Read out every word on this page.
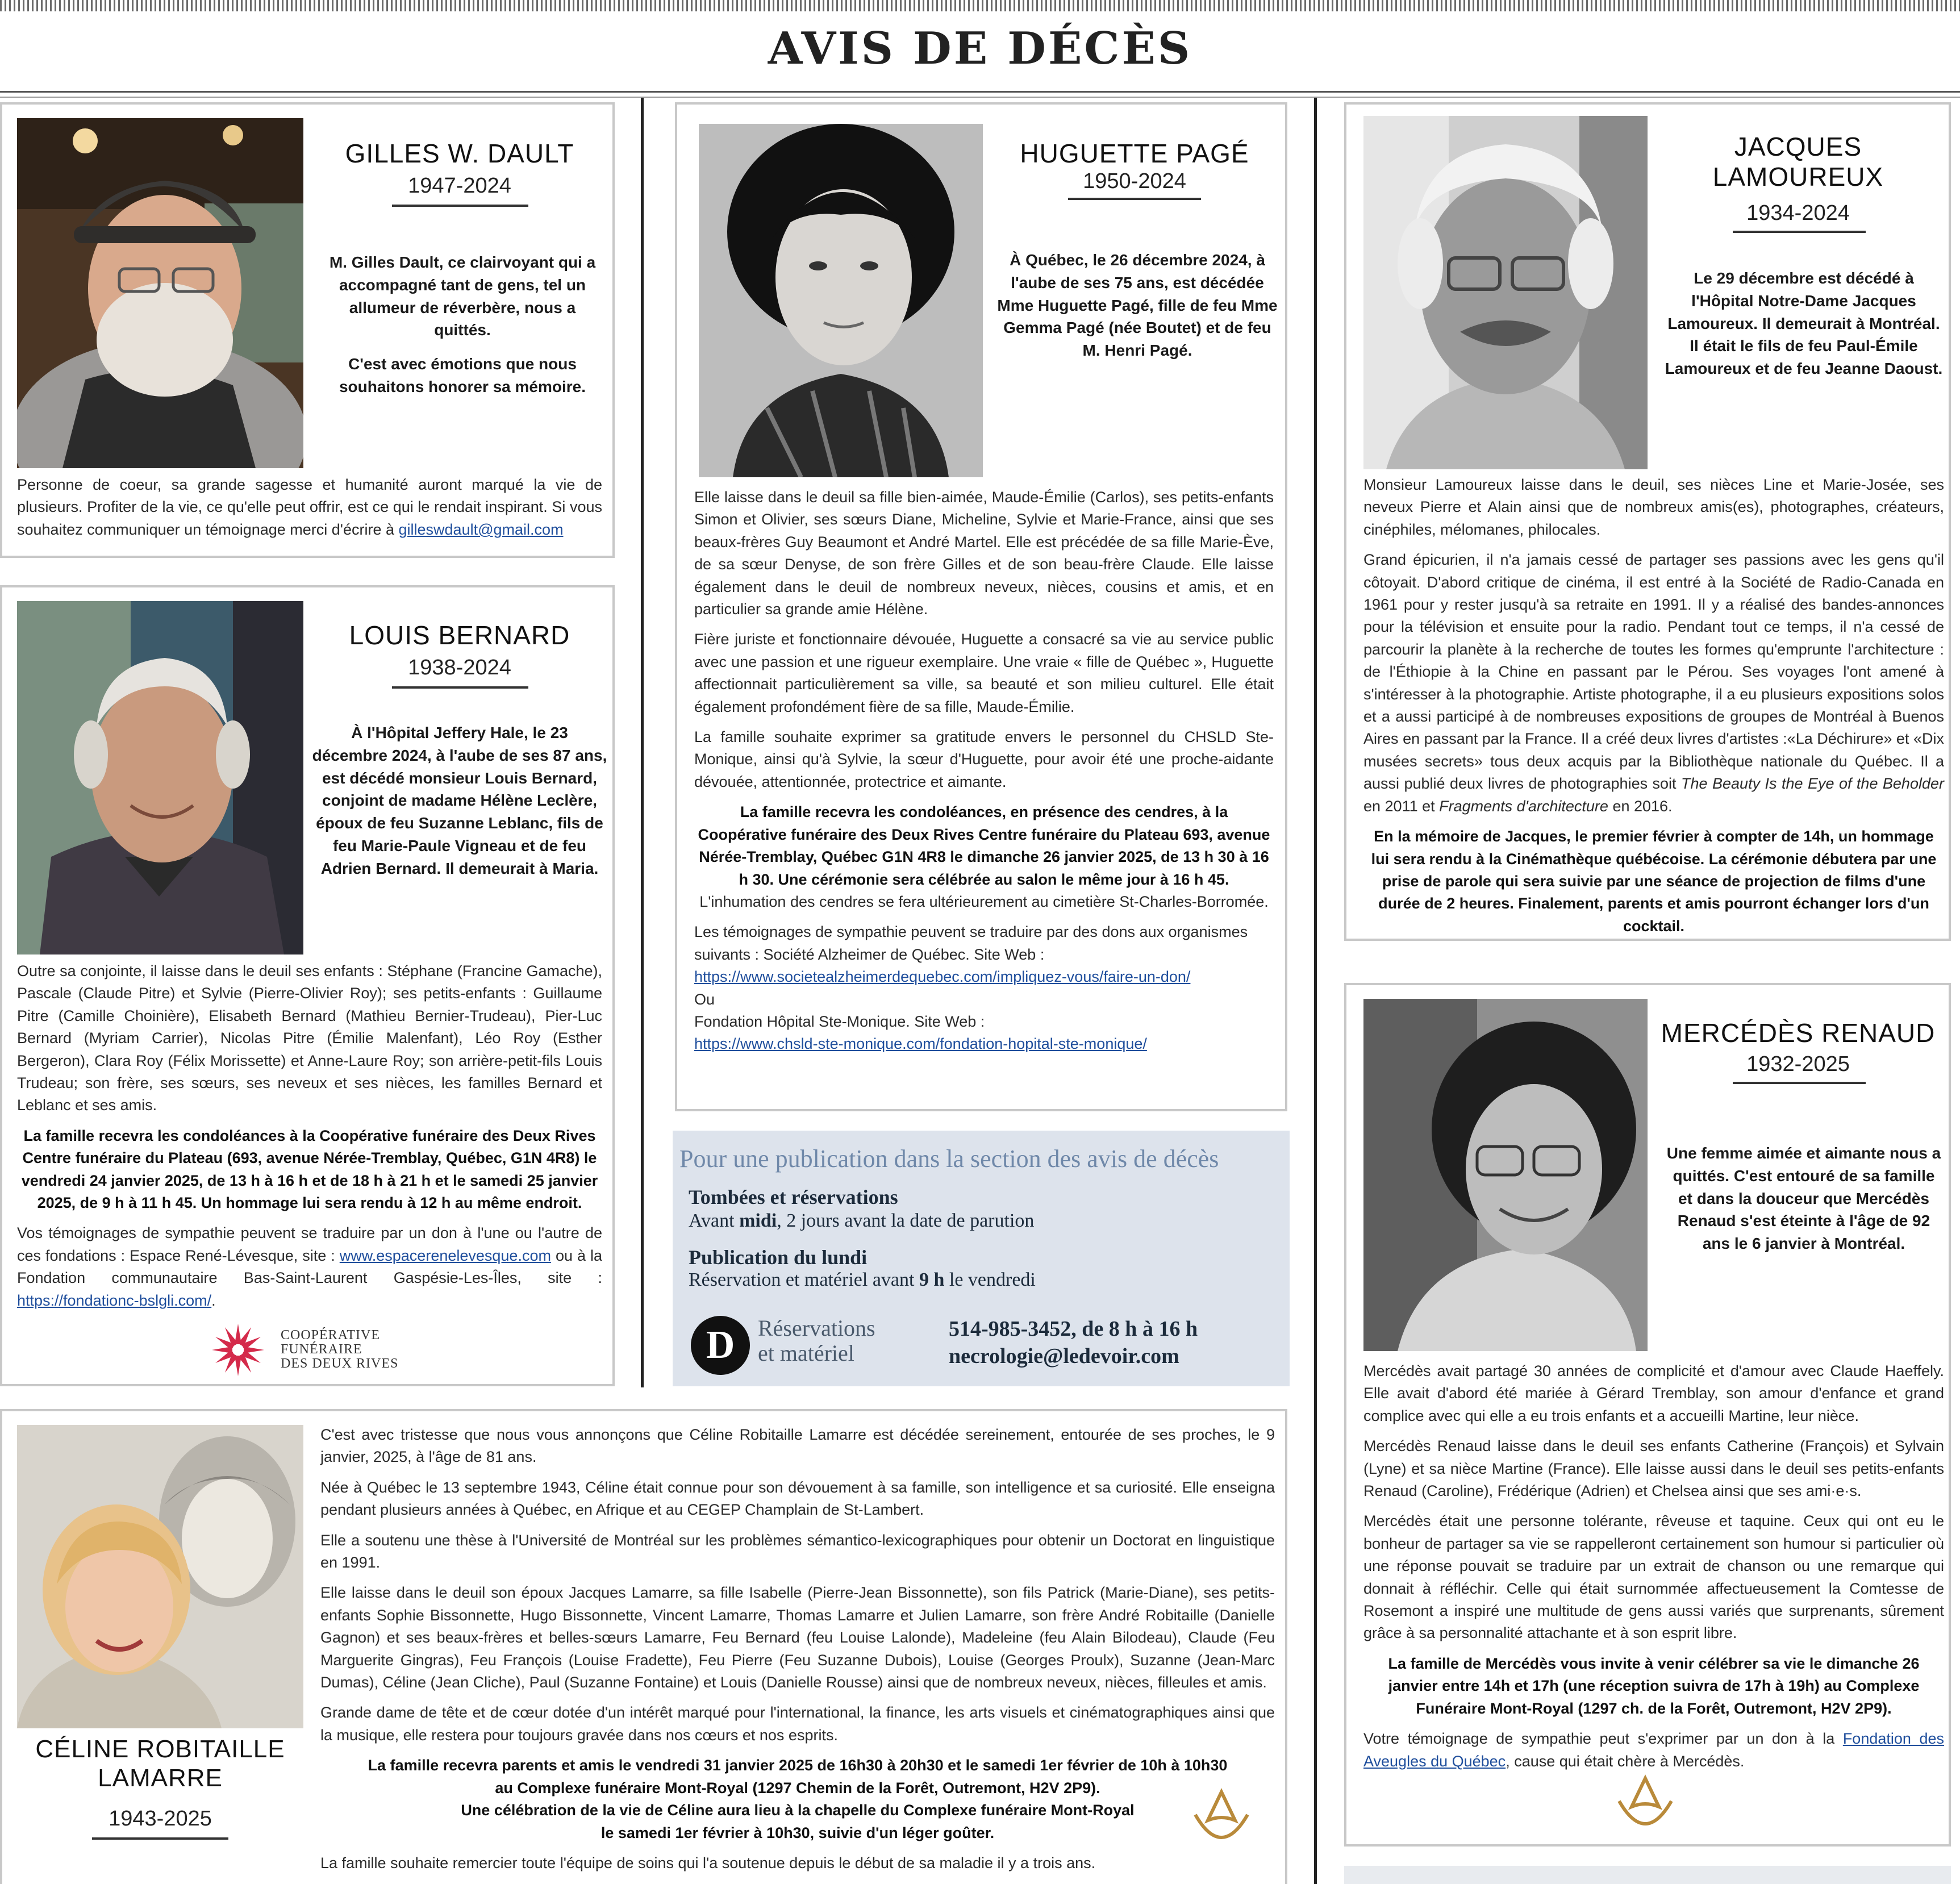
AVIS DE DÉCÈS
GILLES W. DAULT
1947-2024

M. Gilles Dault, ce clairvoyant qui a accompagné tant de gens, tel un allumeur de réverbère, nous a quittés.

C'est avec émotions que nous souhaitons honorer sa mémoire.

Personne de coeur, sa grande sagesse et humanité auront marqué la vie de plusieurs. Profiter de la vie, ce qu'elle peut offrir, est ce qui le rendait inspirant. Si vous souhaitez communiquer un témoignage merci d'écrire à gilleswdault@gmail.com

LOUIS BERNARD
1938-2024
À l'Hôpital Jeffery Hale, le 23 décembre 2024, à l'aube de ses 87 ans, est décédé monsieur Louis Bernard, conjoint de madame Hélène Leclère, époux de feu Suzanne Leblanc, fils de feu Marie-Paule Vigneau et de feu Adrien Bernard. Il demeurait à Maria.

Outre sa conjointe, il laisse dans le deuil ses enfants : Stéphane (Francine Gamache), Pascale (Claude Pitre) et Sylvie (Pierre-Olivier Roy); ses petits-enfants : Guillaume Pitre (Camille Choinière), Elisabeth Bernard (Mathieu Bernier-Trudeau), Pier-Luc Bernard (Myriam Carrier), Nicolas Pitre (Émilie Malenfant), Léo Roy (Esther Bergeron), Clara Roy (Félix Morissette) et Anne-Laure Roy; son arrière-petit-fils Louis Trudeau; son frère, ses sœurs, ses neveux et ses nièces, les familles Bernard et Leblanc et ses amis.

La famille recevra les condoléances à la Coopérative funéraire des Deux Rives Centre funéraire du Plateau (693, avenue Nérée-Tremblay, Québec, G1N 4R8) le vendredi 24 janvier 2025, de 13 h à 16 h et de 18 h à 21 h et le samedi 25 janvier 2025, de 9 h à 11 h 45. Un hommage lui sera rendu à 12 h au même endroit.

Vos témoignages de sympathie peuvent se traduire par un don à l'une ou l'autre de ces fondations : Espace René-Lévesque, site : www.espacerenelevesque.com ou à la Fondation communautaire Bas-Saint-Laurent Gaspésie-Les-Îles, site : https://fondationc-bslgli.com/.

COOPÉRATIVE
FUNÉRAIRE
DES DEUX RIVES
HUGUETTE PAGÉ
1950-2024
À Québec, le 26 décembre 2024, à l'aube de ses 75 ans, est décédée Mme Huguette Pagé, fille de feu Mme Gemma Pagé (née Boutet) et de feu M. Henri Pagé.

Elle laisse dans le deuil sa fille bien-aimée, Maude-Émilie (Carlos), ses petits-enfants Simon et Olivier, ses sœurs Diane, Micheline, Sylvie et Marie-France, ainsi que ses beaux-frères Guy Beaumont et André Martel. Elle est précédée de sa fille Marie-Ève, de sa sœur Denyse, de son frère Gilles et de son beau-frère Claude. Elle laisse également dans le deuil de nombreux neveux, nièces, cousins et amis, et en particulier sa grande amie Hélène.

Fière juriste et fonctionnaire dévouée, Huguette a consacré sa vie au service public avec une passion et une rigueur exemplaire. Une vraie « fille de Québec », Huguette affectionnait particulièrement sa ville, sa beauté et son milieu culturel. Elle était également profondément fière de sa fille, Maude-Émilie.

La famille souhaite exprimer sa gratitude envers le personnel du CHSLD Ste-Monique, ainsi qu'à Sylvie, la sœur d'Huguette, pour avoir été une proche-aidante dévouée, attentionnée, protectrice et aimante.

La famille recevra les condoléances, en présence des cendres, à la Coopérative funéraire des Deux Rives Centre funéraire du Plateau 693, avenue Nérée-Tremblay, Québec G1N 4R8 le dimanche 26 janvier 2025, de 13 h 30 à 16 h 30. Une cérémonie sera célébrée au salon le même jour à 16 h 45.

L'inhumation des cendres se fera ultérieurement au cimetière St-Charles-Borromée.

Les témoignages de sympathie peuvent se traduire par des dons aux organismes suivants : Société Alzheimer de Québec. Site Web :
https://www.societealzheimerdequebec.com/impliquez-vous/faire-un-don/
Ou
Fondation Hôpital Ste-Monique. Site Web :
https://www.chsld-ste-monique.com/fondation-hopital-ste-monique/

Pour une publication dans la section des avis de décès
Tombées et réservations
Avant midi, 2 jours avant la date de parution
Publication du lundi
Réservation et matériel avant 9 h le vendredi
D	Réservations
et matériel
514-985-3452, de 8 h à 16 h
necrologie@ledevoir.com
JACQUES
LAMOUREUX
1934-2024
Le 29 décembre est décédé à l'Hôpital Notre-Dame Jacques Lamoureux. Il demeurait à Montréal. Il était le fils de feu Paul-Émile Lamoureux et de feu Jeanne Daoust.

Monsieur Lamoureux laisse dans le deuil, ses nièces Line et Marie-Josée, ses neveux Pierre et Alain ainsi que de nombreux amis(es), photographes, créateurs, cinéphiles, mélomanes, philocales.

Grand épicurien, il n'a jamais cessé de partager ses passions avec les gens qu'il côtoyait. D'abord critique de cinéma, il est entré à la Société de Radio-Canada en 1961 pour y rester jusqu'à sa retraite en 1991. Il y a réalisé des bandes-annonces pour la télévision et ensuite pour la radio. Pendant tout ce temps, il n'a cessé de parcourir la planète à la recherche de toutes les formes qu'emprunte l'architecture : de l'Éthiopie à la Chine en passant par le Pérou. Ses voyages l'ont amené à s'intéresser à la photographie. Artiste photographe, il a eu plusieurs expositions solos et a aussi participé à de nombreuses expositions de groupes de Montréal à Buenos Aires en passant par la France. Il a créé deux livres d'artistes :«La Déchirure» et «Dix musées secrets» tous deux acquis par la Bibliothèque nationale du Québec. Il a aussi publié deux livres de photographies soit The Beauty Is the Eye of the Beholder en 2011 et Fragments d'architecture en 2016.

En la mémoire de Jacques, le premier février à compter de 14h, un hommage lui sera rendu à la Cinémathèque québécoise. La cérémonie débutera par une prise de parole qui sera suivie par une séance de projection de films d'une durée de 2 heures. Finalement, parents et amis pourront échanger lors d'un cocktail.

MERCÉDÈS RENAUD
1932-2025
Une femme aimée et aimante nous a quittés. C'est entouré de sa famille et dans la douceur que Mercédès Renaud s'est éteinte à l'âge de 92 ans le 6 janvier à Montréal.

Mercédès avait partagé 30 années de complicité et d'amour avec Claude Haeffely. Elle avait d'abord été mariée à Gérard Tremblay, son amour d'enfance et grand complice avec qui elle a eu trois enfants et a accueilli Martine, leur nièce.

Mercédès Renaud laisse dans le deuil ses enfants Catherine (François) et Sylvain (Lyne) et sa nièce Martine (France). Elle laisse aussi dans le deuil ses petits-enfants Renaud (Caroline), Frédérique (Adrien) et Chelsea ainsi que ses ami·e·s.

Mercédès était une personne tolérante, rêveuse et taquine. Ceux qui ont eu le bonheur de partager sa vie se rappelleront certainement son humour si particulier où une réponse pouvait se traduire par un extrait de chanson ou une remarque qui donnait à réfléchir. Celle qui était surnommée affectueusement la Comtesse de Rosemont a inspiré une multitude de gens aussi variés que surprenants, sûrement grâce à sa personnalité attachante et à son esprit libre.

La famille de Mercédès vous invite à venir célébrer sa vie le dimanche 26 janvier entre 14h et 17h (une réception suivra de 17h à 19h) au Complexe Funéraire Mont-Royal (1297 ch. de la Forêt, Outremont, H2V 2P9).

Votre témoignage de sympathie peut s'exprimer par un don à la Fondation des Aveugles du Québec, cause qui était chère à Mercédès.

CÉLINE ROBITAILLE
LAMARRE
1943-2025

C'est avec tristesse que nous vous annonçons que Céline Robitaille Lamarre est décédée sereinement, entourée de ses proches, le 9 janvier, 2025, à l'âge de 81 ans.

Née à Québec le 13 septembre 1943, Céline était connue pour son dévouement à sa famille, son intelligence et sa curiosité. Elle enseigna pendant plusieurs années à Québec, en Afrique et au CEGEP Champlain de St-Lambert.

Elle a soutenu une thèse à l'Université de Montréal sur les problèmes sémantico-lexicographiques pour obtenir un Doctorat en linguistique en 1991.

Elle laisse dans le deuil son époux Jacques Lamarre, sa fille Isabelle (Pierre-Jean Bissonnette), son fils Patrick (Marie-Diane), ses petits-enfants Sophie Bissonnette, Hugo Bissonnette, Vincent Lamarre, Thomas Lamarre et Julien Lamarre, son frère André Robitaille (Danielle Gagnon) et ses beaux-frères et belles-sœurs Lamarre, Feu Bernard (feu Louise Lalonde), Madeleine (feu Alain Bilodeau), Claude (Feu Marguerite Gingras), Feu François (Louise Fradette), Feu Pierre (Feu Suzanne Dubois), Louise (Georges Proulx), Suzanne (Jean-Marc Dumas), Céline (Jean Cliche), Paul (Suzanne Fontaine) et Louis (Danielle Rousse) ainsi que de nombreux neveux, nièces, filleules et amis.

Grande dame de tête et de cœur dotée d'un intérêt marqué pour l'international, la finance, les arts visuels et cinématographiques ainsi que la musique, elle restera pour toujours gravée dans nos cœurs et nos esprits.

La famille recevra parents et amis le vendredi 31 janvier 2025 de 16h30 à 20h30 et le samedi 1er février de 10h à 10h30
au Complexe funéraire Mont-Royal (1297 Chemin de la Forêt, Outremont, H2V 2P9).
Une célébration de la vie de Céline aura lieu à la chapelle du Complexe funéraire Mont-Royal
le samedi 1er février à 10h30, suivie d'un léger goûter.

La famille souhaite remercier toute l'équipe de soins qui l'a soutenue depuis le début de sa maladie il y a trois ans.
